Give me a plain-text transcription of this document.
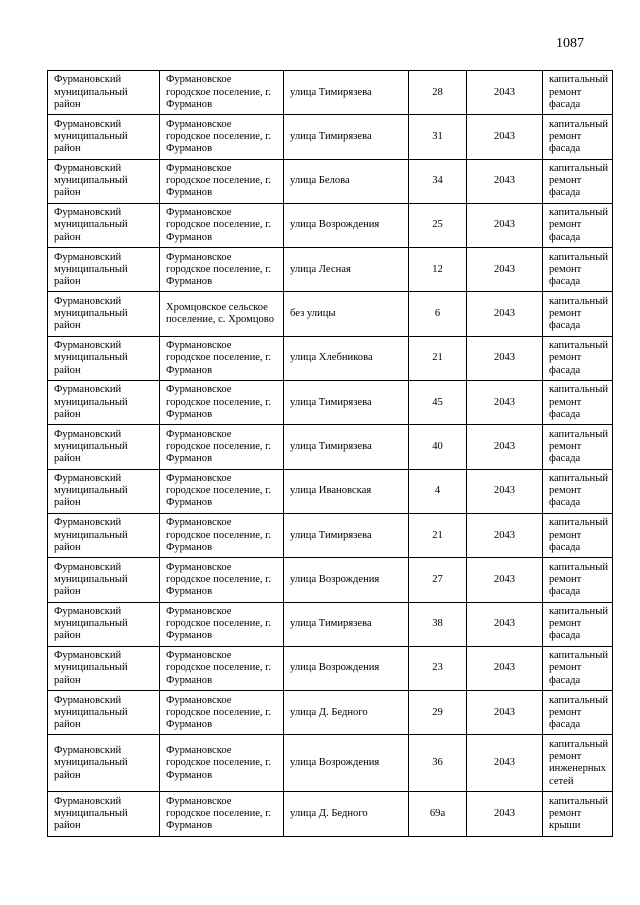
1087
Фурмановский муниципальный район	Фурмановское городское поселение, г. Фурманов	улица Тимирязева	28	2043	капитальный ремонт фасада
Фурмановский муниципальный район	Фурмановское городское поселение, г. Фурманов	улица Тимирязева	31	2043	капитальный ремонт фасада
Фурмановский муниципальный район	Фурмановское городское поселение, г. Фурманов	улица Белова	34	2043	капитальный ремонт фасада
Фурмановский муниципальный район	Фурмановское городское поселение, г. Фурманов	улица Возрождения	25	2043	капитальный ремонт фасада
Фурмановский муниципальный район	Фурмановское городское поселение, г. Фурманов	улица Лесная	12	2043	капитальный ремонт фасада
Фурмановский муниципальный район	Хромцовское сельское поселение, с. Хромцово	без улицы	6	2043	капитальный ремонт фасада
Фурмановский муниципальный район	Фурмановское городское поселение, г. Фурманов	улица Хлебникова	21	2043	капитальный ремонт фасада
Фурмановский муниципальный район	Фурмановское городское поселение, г. Фурманов	улица Тимирязева	45	2043	капитальный ремонт фасада
Фурмановский муниципальный район	Фурмановское городское поселение, г. Фурманов	улица Тимирязева	40	2043	капитальный ремонт фасада
Фурмановский муниципальный район	Фурмановское городское поселение, г. Фурманов	улица Ивановская	4	2043	капитальный ремонт фасада
Фурмановский муниципальный район	Фурмановское городское поселение, г. Фурманов	улица Тимирязева	21	2043	капитальный ремонт фасада
Фурмановский муниципальный район	Фурмановское городское поселение, г. Фурманов	улица Возрождения	27	2043	капитальный ремонт фасада
Фурмановский муниципальный район	Фурмановское городское поселение, г. Фурманов	улица Тимирязева	38	2043	капитальный ремонт фасада
Фурмановский муниципальный район	Фурмановское городское поселение, г. Фурманов	улица Возрождения	23	2043	капитальный ремонт фасада
Фурмановский муниципальный район	Фурмановское городское поселение, г. Фурманов	улица Д. Бедного	29	2043	капитальный ремонт фасада
Фурмановский муниципальный район	Фурмановское городское поселение, г. Фурманов	улица Возрождения	36	2043	капитальный ремонт инженерных сетей
Фурмановский муниципальный район	Фурмановское городское поселение, г. Фурманов	улица Д. Бедного	69а	2043	капитальный ремонт крыши
